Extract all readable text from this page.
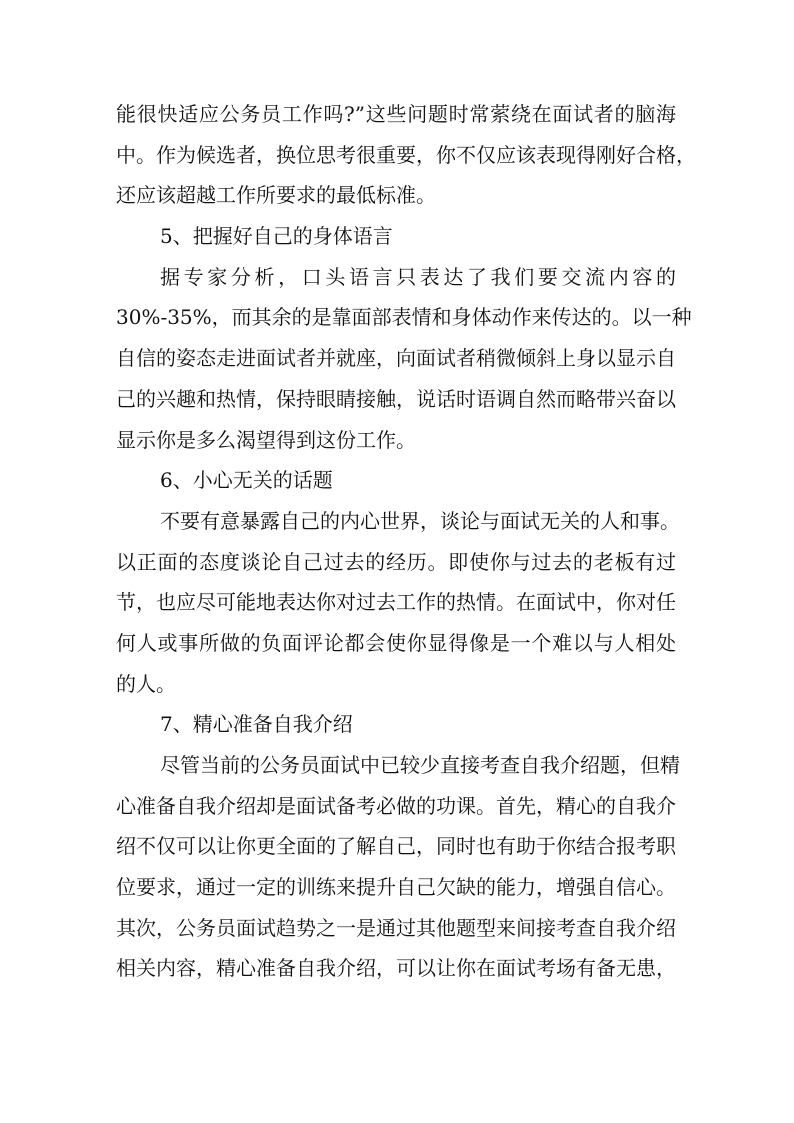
能很快适应公务员工作吗?”这些问题时常萦绕在面试者的脑海
中。作为候选者，换位思考很重要，你不仅应该表现得刚好合格，
还应该超越工作所要求的最低标准。
5、把握好自己的身体语言
据专家分析，口头语言只表达了我们要交流内容的
30%-35%，而其余的是靠面部表情和身体动作来传达的。以一种
自信的姿态走进面试者并就座，向面试者稍微倾斜上身以显示自
己的兴趣和热情，保持眼睛接触，说话时语调自然而略带兴奋以
显示你是多么渴望得到这份工作。
6、小心无关的话题
不要有意暴露自己的内心世界，谈论与面试无关的人和事。
以正面的态度谈论自己过去的经历。即使你与过去的老板有过
节，也应尽可能地表达你对过去工作的热情。在面试中，你对任
何人或事所做的负面评论都会使你显得像是一个难以与人相处
的人。
7、精心准备自我介绍
尽管当前的公务员面试中已较少直接考查自我介绍题，但精
心准备自我介绍却是面试备考必做的功课。首先，精心的自我介
绍不仅可以让你更全面的了解自己，同时也有助于你结合报考职
位要求，通过一定的训练来提升自己欠缺的能力，增强自信心。
其次，公务员面试趋势之一是通过其他题型来间接考查自我介绍
相关内容，精心准备自我介绍，可以让你在面试考场有备无患，
